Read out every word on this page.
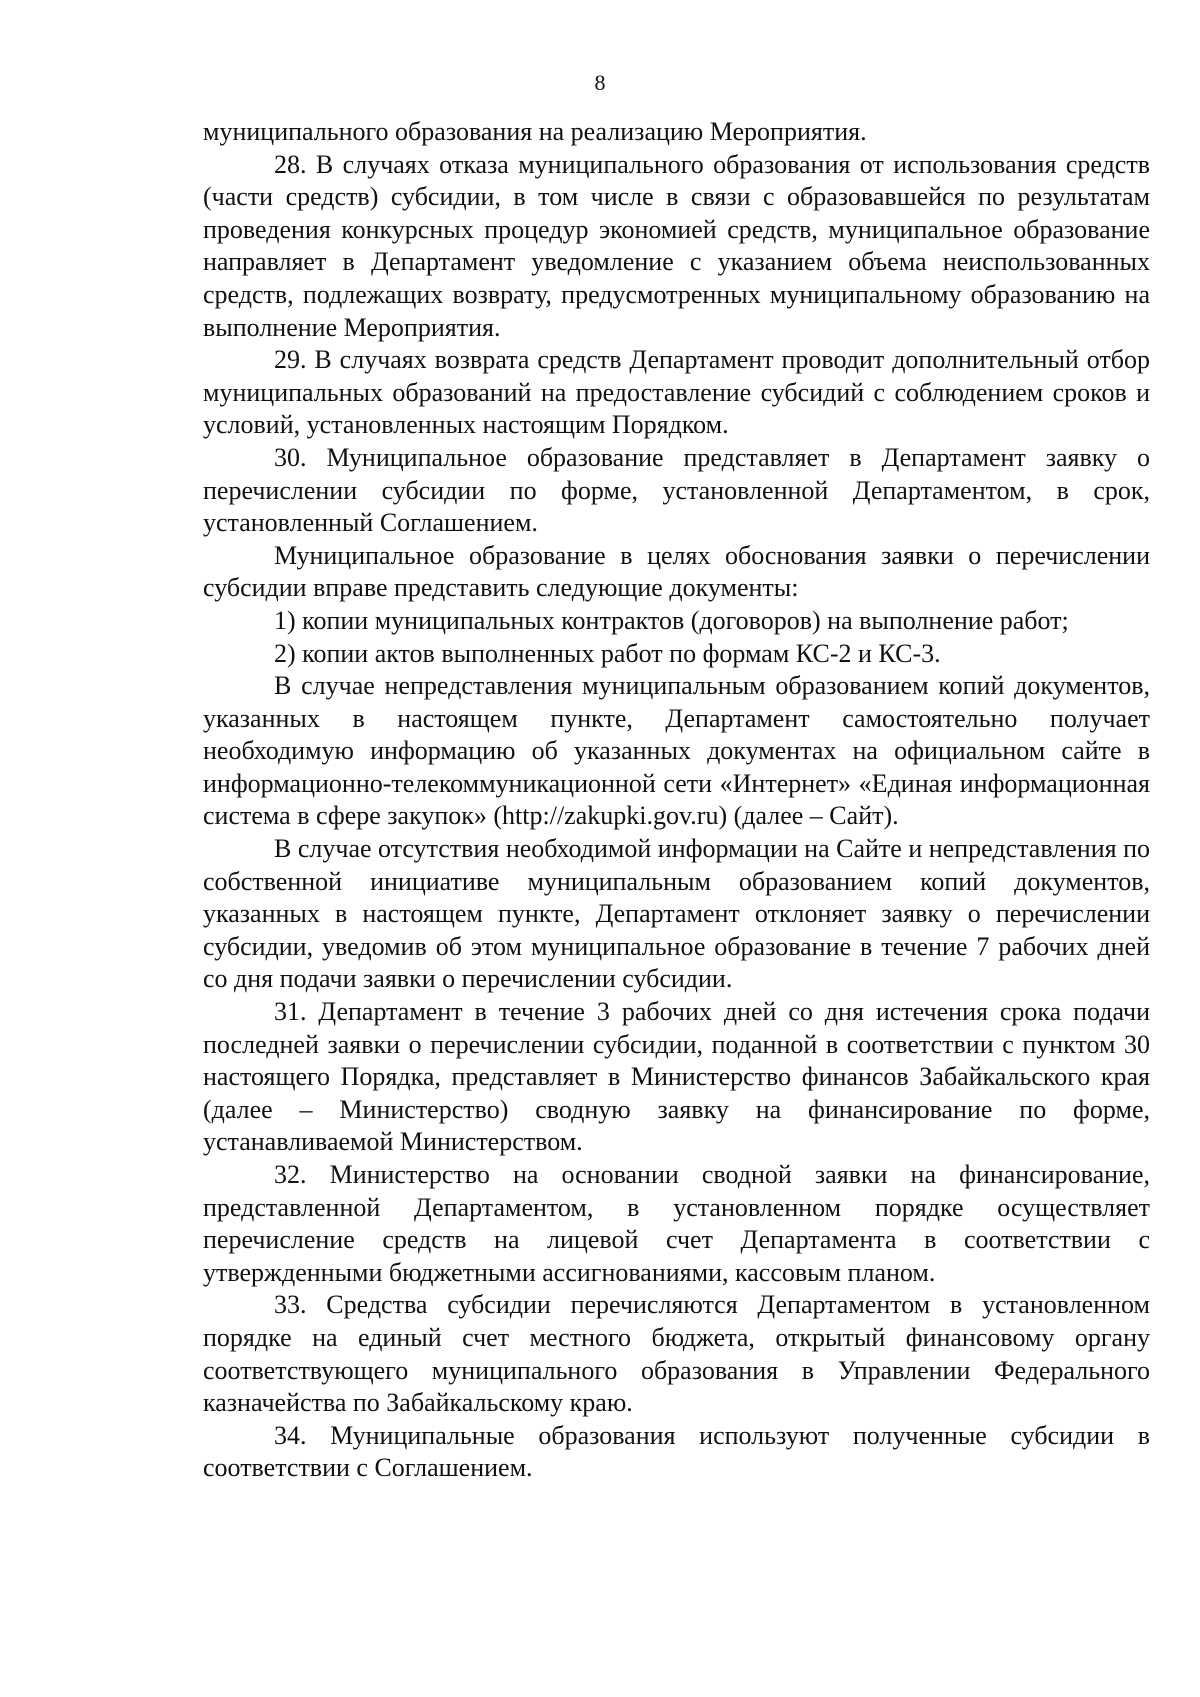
8

муниципального образования на реализацию Мероприятия.

28. В случаях отказа муниципального образования от использования средств (части средств) субсидии, в том числе в связи с образовавшейся по результатам проведения конкурсных процедур экономией средств, муниципальное образование направляет в Департамент уведомление с указанием объема неиспользованных средств, подлежащих возврату, предусмотренных муниципальному образованию на выполнение Мероприятия.

29. В случаях возврата средств Департамент проводит дополнительный отбор муниципальных образований на предоставление субсидий с соблюдением сроков и условий, установленных настоящим Порядком.

30. Муниципальное образование представляет в Департамент заявку о перечислении субсидии по форме, установленной Департаментом, в срок, установленный Соглашением.

Муниципальное образование в целях обоснования заявки о перечислении субсидии вправе представить следующие документы:

1) копии муниципальных контрактов (договоров) на выполнение работ;

2) копии актов выполненных работ по формам КС-2 и КС-3.

В случае непредставления муниципальным образованием копий документов, указанных в настоящем пункте, Департамент самостоятельно получает необходимую информацию об указанных документах на официальном сайте в информационно-телекоммуникационной сети «Интернет» «Единая информационная система в сфере закупок» (http://zakupki.gov.ru) (далее – Сайт).

В случае отсутствия необходимой информации на Сайте и непредставления по собственной инициативе муниципальным образованием копий документов, указанных в настоящем пункте, Департамент отклоняет заявку о перечислении субсидии, уведомив об этом муниципальное образование в течение 7 рабочих дней со дня подачи заявки о перечислении субсидии.

31. Департамент в течение 3 рабочих дней со дня истечения срока подачи последней заявки о перечислении субсидии, поданной в соответствии с пунктом 30 настоящего Порядка, представляет в Министерство финансов Забайкальского края (далее – Министерство) сводную заявку на финансирование по форме, устанавливаемой Министерством.

32. Министерство на основании сводной заявки на финансирование, представленной Департаментом, в установленном порядке осуществляет перечисление средств на лицевой счет Департамента в соответствии с утвержденными бюджетными ассигнованиями, кассовым планом.

33. Средства субсидии перечисляются Департаментом в установленном порядке на единый счет местного бюджета, открытый финансовому органу соответствующего муниципального образования в Управлении Федерального казначейства по Забайкальскому краю.

34. Муниципальные образования используют полученные субсидии в соответствии с Соглашением.
